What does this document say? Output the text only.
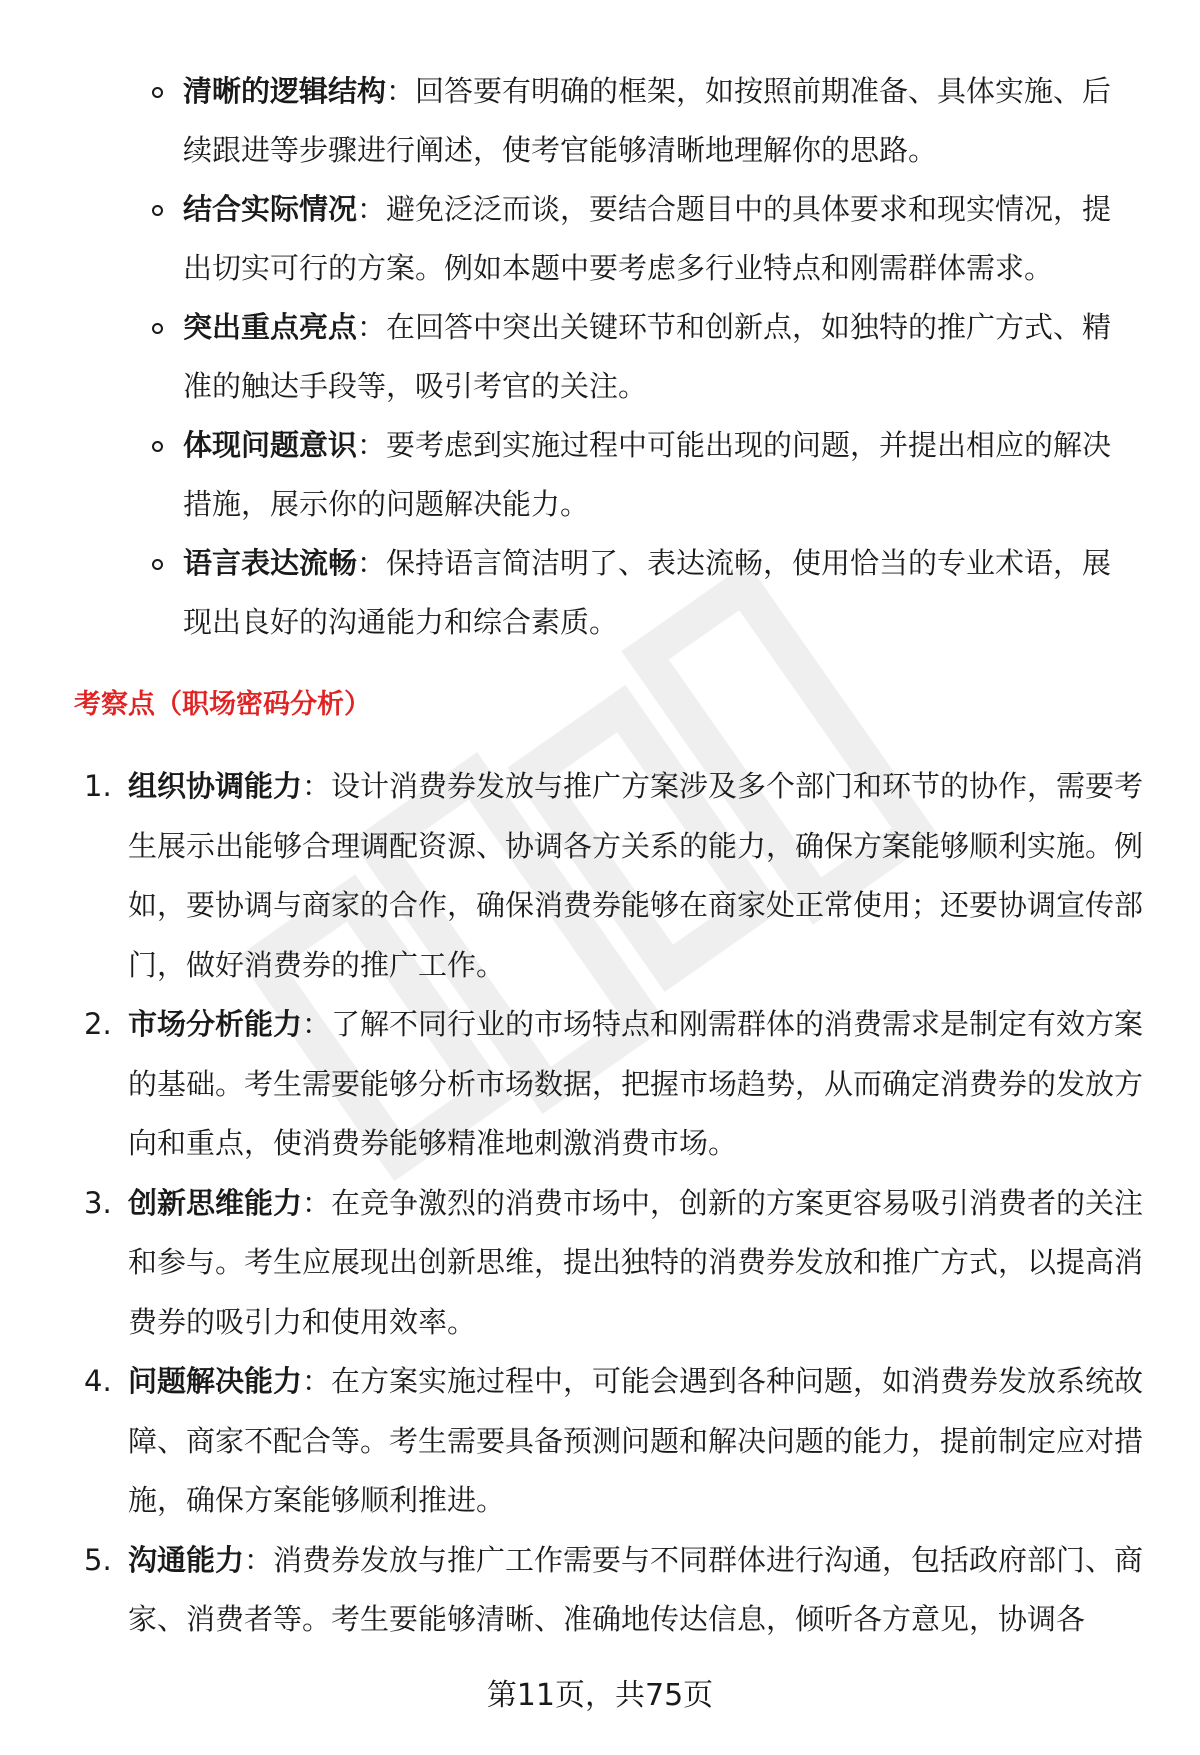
清晰的逻辑结构：回答要有明确的框架，如按照前期准备、具体实施、后续跟进等步骤进行阐述，使考官能够清晰地理解你的思路。
结合实际情况：避免泛泛而谈，要结合题目中的具体要求和现实情况，提出切实可行的方案。例如本题中要考虑多行业特点和刚需群体需求。
突出重点亮点：在回答中突出关键环节和创新点，如独特的推广方式、精准的触达手段等，吸引考官的关注。
体现问题意识：要考虑到实施过程中可能出现的问题，并提出相应的解决措施，展示你的问题解决能力。
语言表达流畅：保持语言简洁明了、表达流畅，使用恰当的专业术语，展现出良好的沟通能力和综合素质。
考察点（职场密码分析）
1. 组织协调能力：设计消费券发放与推广方案涉及多个部门和环节的协作，需要考生展示出能够合理调配资源、协调各方关系的能力，确保方案能够顺利实施。例如，要协调与商家的合作，确保消费券能够在商家处正常使用；还要协调宣传部门，做好消费券的推广工作。
2. 市场分析能力：了解不同行业的市场特点和刚需群体的消费需求是制定有效方案的基础。考生需要能够分析市场数据，把握市场趋势，从而确定消费券的发放方向和重点，使消费券能够精准地刺激消费市场。
3. 创新思维能力：在竞争激烈的消费市场中，创新的方案更容易吸引消费者的关注和参与。考生应展现出创新思维，提出独特的消费券发放和推广方式，以提高消费券的吸引力和使用效率。
4. 问题解决能力：在方案实施过程中，可能会遇到各种问题，如消费券发放系统故障、商家不配合等。考生需要具备预测问题和解决问题的能力，提前制定应对措施，确保方案能够顺利推进。
5. 沟通能力：消费券发放与推广工作需要与不同群体进行沟通，包括政府部门、商家、消费者等。考生要能够清晰、准确地传达信息，倾听各方意见，协调各
第11页，共75页
